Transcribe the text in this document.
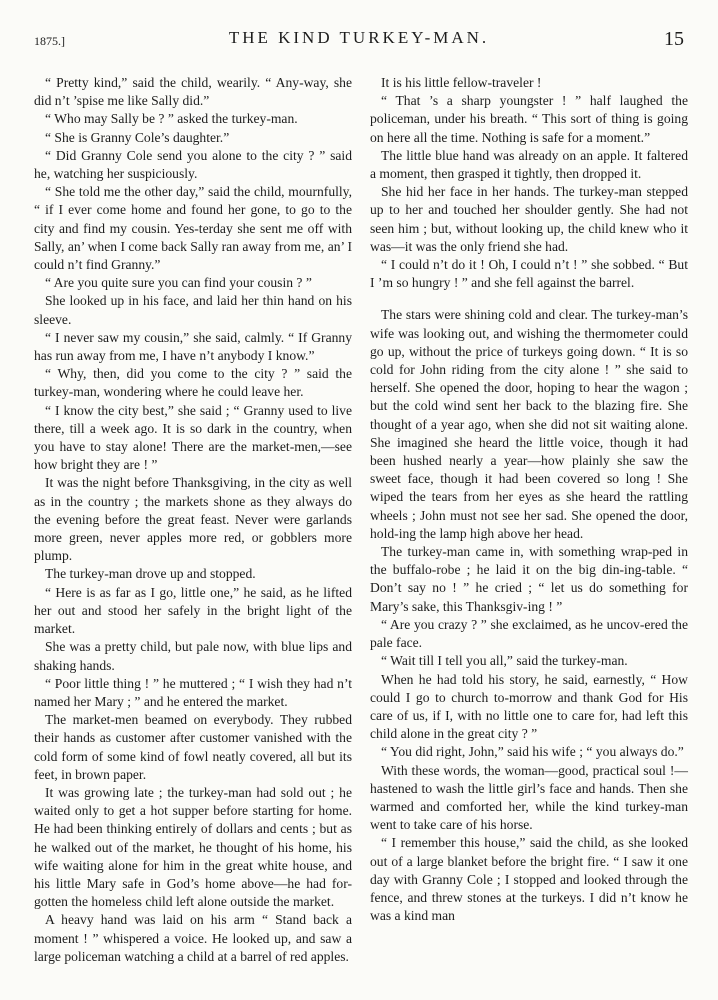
1875.]	THE KIND TURKEY-MAN.	15

“ Pretty kind,” said the child, wearily. “ Any-way, she did n’t ’spise me like Sally did.”

“ Who may Sally be ? ” asked the turkey-man.

“ She is Granny Cole’s daughter.”

“ Did Granny Cole send you alone to the city ? ” said he, watching her suspiciously.

“ She told me the other day,” said the child, mournfully, “ if I ever come home and found her gone, to go to the city and find my cousin. Yes-terday she sent me off with Sally, an’ when I come back Sally ran away from me, an’ I could n’t find Granny.”

“ Are you quite sure you can find your cousin ? ”

She looked up in his face, and laid her thin hand on his sleeve.

“ I never saw my cousin,” she said, calmly. “ If Granny has run away from me, I have n’t anybody I know.”

“ Why, then, did you come to the city ? ” said the turkey-man, wondering where he could leave her.

“ I know the city best,” she said ; “ Granny used to live there, till a week ago. It is so dark in the country, when you have to stay alone! There are the market-men,—see how bright they are ! ”

It was the night before Thanksgiving, in the city as well as in the country ; the markets shone as they always do the evening before the great feast. Never were garlands more green, never apples more red, or gobblers more plump.

The turkey-man drove up and stopped.

“ Here is as far as I go, little one,” he said, as he lifted her out and stood her safely in the bright light of the market.

She was a pretty child, but pale now, with blue lips and shaking hands.

“ Poor little thing ! ” he muttered ; “ I wish they had n’t named her Mary ; ” and he entered the market.

The market-men beamed on everybody. They rubbed their hands as customer after customer vanished with the cold form of some kind of fowl neatly covered, all but its feet, in brown paper.

It was growing late ; the turkey-man had sold out ; he waited only to get a hot supper before starting for home. He had been thinking entirely of dollars and cents ; but as he walked out of the market, he thought of his home, his wife waiting alone for him in the great white house, and his little Mary safe in God’s home above—he had for-gotten the homeless child left alone outside the market.

A heavy hand was laid on his arm “ Stand back a moment ! ” whispered a voice. He looked up, and saw a large policeman watching a child at a barrel of red apples.

It is his little fellow-traveler !

“ That ’s a sharp youngster ! ” half laughed the policeman, under his breath. “ This sort of thing is going on here all the time. Nothing is safe for a moment.”

The little blue hand was already on an apple. It faltered a moment, then grasped it tightly, then dropped it.

She hid her face in her hands. The turkey-man stepped up to her and touched her shoulder gently. She had not seen him ; but, without looking up, the child knew who it was—it was the only friend she had.

“ I could n’t do it ! Oh, I could n’t ! ” she sobbed. “ But I ’m so hungry ! ” and she fell against the barrel.

The stars were shining cold and clear. The turkey-man’s wife was looking out, and wishing the thermometer could go up, without the price of turkeys going down. “ It is so cold for John riding from the city alone ! ” she said to herself. She opened the door, hoping to hear the wagon ; but the cold wind sent her back to the blazing fire. She thought of a year ago, when she did not sit waiting alone. She imagined she heard the little voice, though it had been hushed nearly a year—how plainly she saw the sweet face, though it had been covered so long ! She wiped the tears from her eyes as she heard the rattling wheels ; John must not see her sad. She opened the door, hold-ing the lamp high above her head.

The turkey-man came in, with something wrap-ped in the buffalo-robe ; he laid it on the big din-ing-table. “ Don’t say no ! ” he cried ; “ let us do something for Mary’s sake, this Thanksgiv-ing ! ”

“ Are you crazy ? ” she exclaimed, as he uncov-ered the pale face.

“ Wait till I tell you all,” said the turkey-man.

When he had told his story, he said, earnestly, “ How could I go to church to-morrow and thank God for His care of us, if I, with no little one to care for, had left this child alone in the great city ? ”

“ You did right, John,” said his wife ; “ you always do.”

With these words, the woman—good, practical soul !—hastened to wash the little girl’s face and hands. Then she warmed and comforted her, while the kind turkey-man went to take care of his horse.

“ I remember this house,” said the child, as she looked out of a large blanket before the bright fire. “ I saw it one day with Granny Cole ; I stopped and looked through the fence, and threw stones at the turkeys. I did n’t know he was a kind man
